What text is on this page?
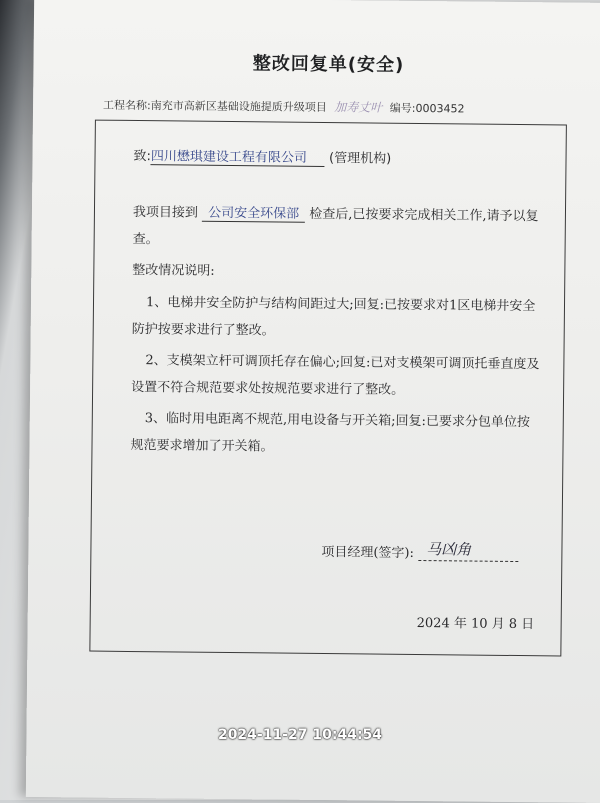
整改回复单(安全)
工程名称:南充市高新区基础设施提质升级项目 加寿丈叶 编号:0003452
致:四川懋琪建设工程有限公司 (管理机构)
我项目接到 公司安全环保部 检查后,已按要求完成相关工作,请予以复查。
整改情况说明:
1、电梯井安全防护与结构间距过大;回复:已按要求对1区电梯井安全防护按要求进行了整改。
2、支模架立杆可调顶托存在偏心;回复:已对支模架可调顶托垂直度及设置不符合规范要求处按规范要求进行了整改。
3、临时用电距离不规范,用电设备与开关箱;回复:已要求分包单位按规范要求增加了开关箱。
项目经理(签字): 马凶角
2024 年 10 月 8 日
2024-11-27 10:44:54
